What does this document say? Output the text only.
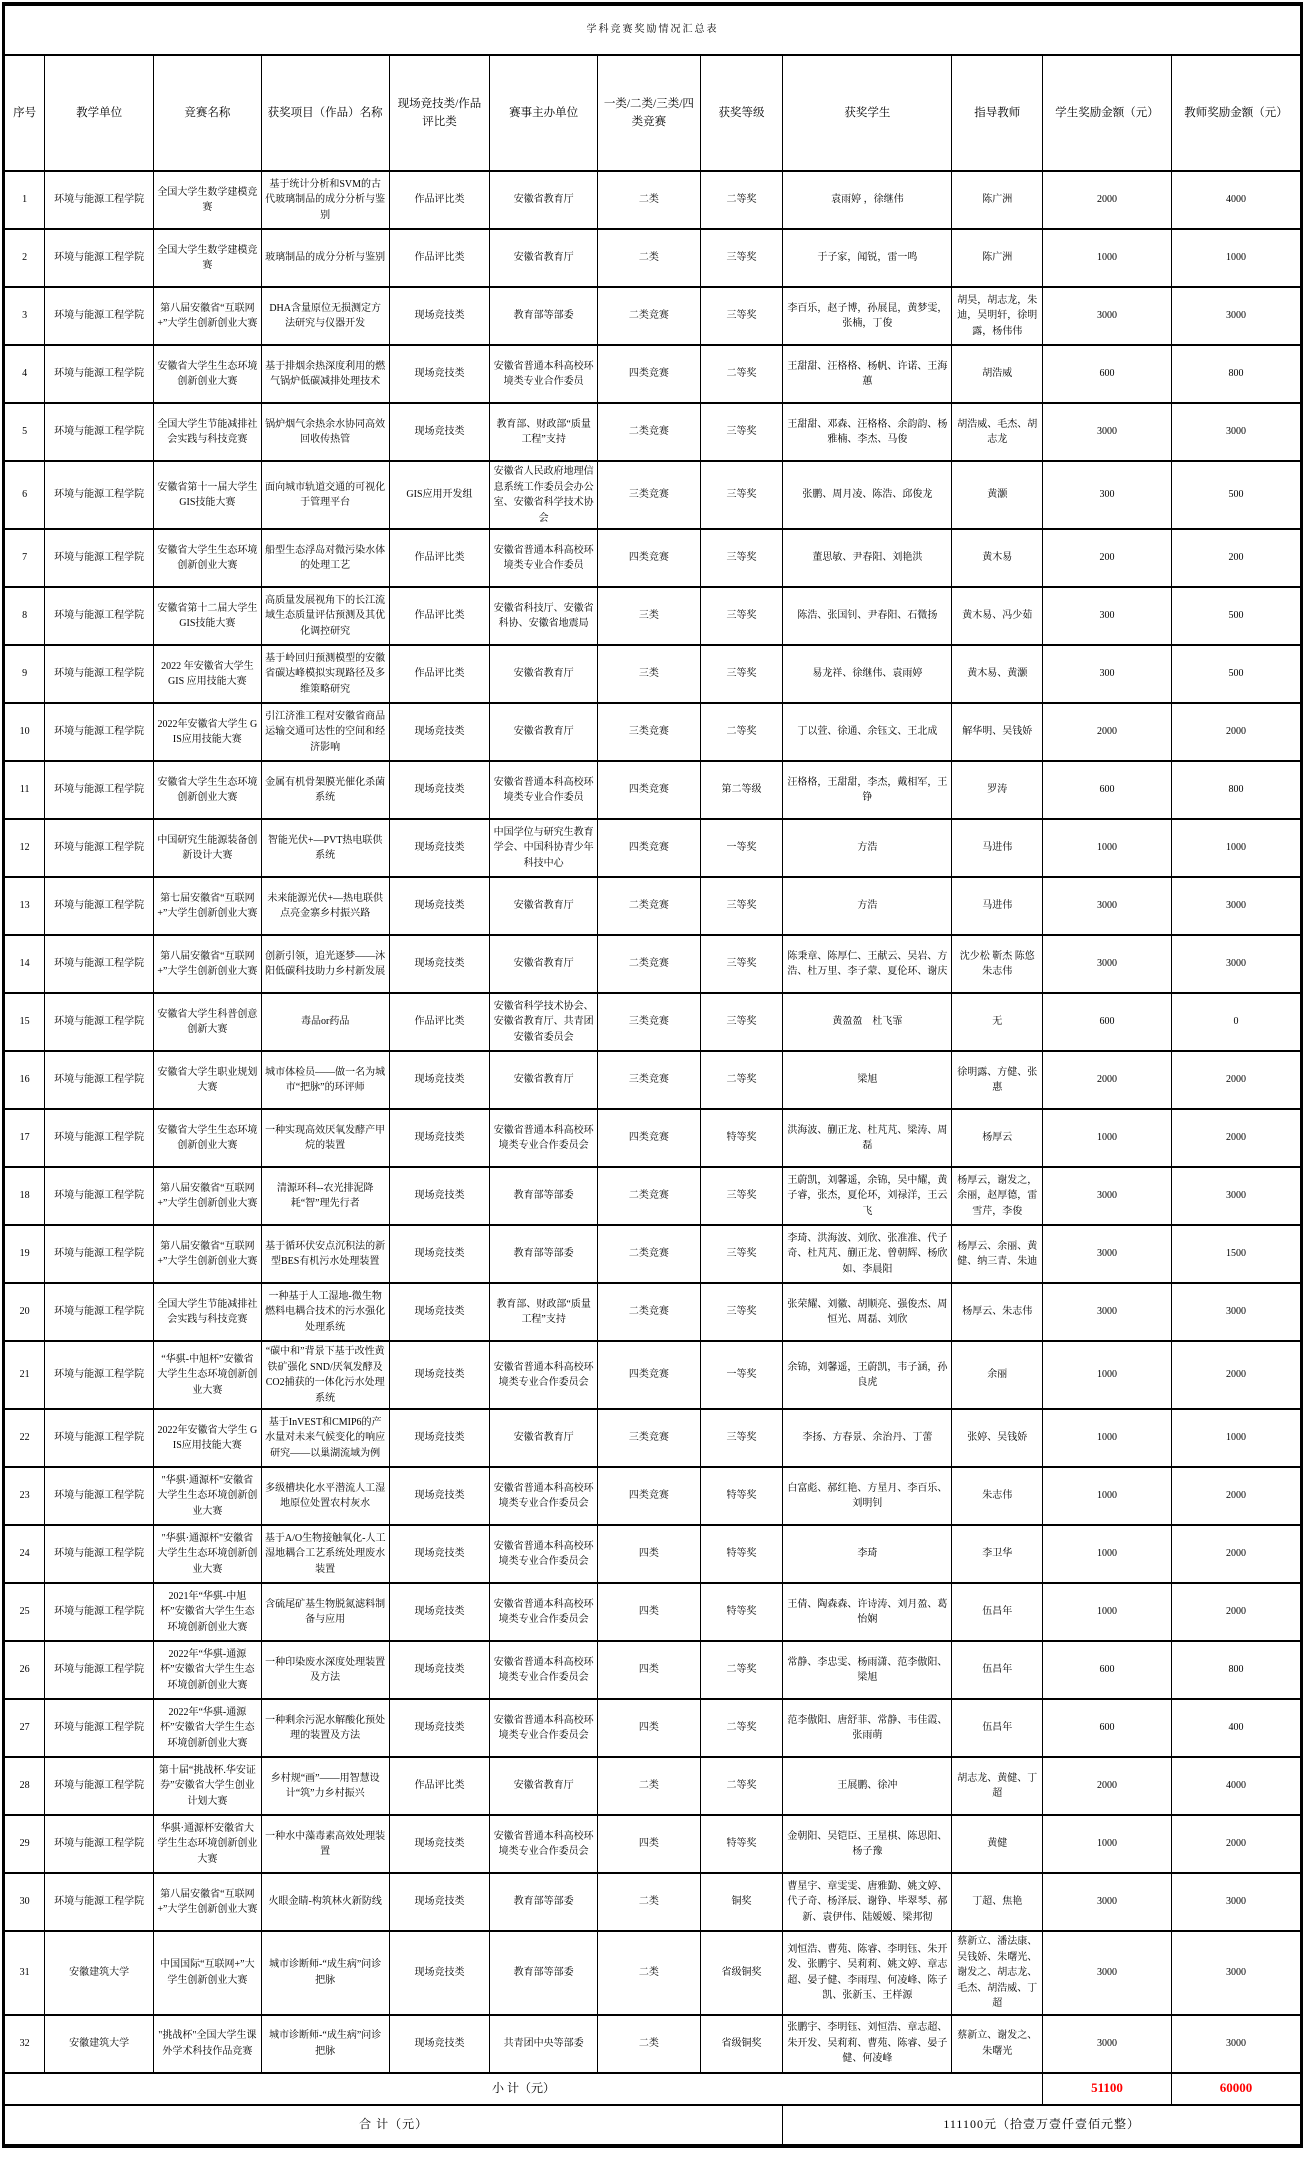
学科竞赛奖励情况汇总表											
序号	教学单位	竞赛名称	获奖项目（作品）名称	现场竞技类/作品评比类	赛事主办单位	一类/二类/三类/四类竞赛	获奖等级	获奖学生	指导教师	学生奖励金额（元）	教师奖励金额（元）
1	环境与能源工程学院	全国大学生数学建模竞赛	基于统计分析和SVM的古代玻璃制品的成分分析与鉴别	作品评比类	安徽省教育厅	二类	二等奖	袁雨婷 ，徐继伟	陈广洲	2000	4000
2	环境与能源工程学院	全国大学生数学建模竞赛	玻璃制品的成分分析与鉴别	作品评比类	安徽省教育厅	二类	三等奖	于子家，闻锐，雷一鸣	陈广洲	1000	1000
3	环境与能源工程学院	第八届安徽省“互联网+”大学生创新创业大赛	DHA含量原位无损测定方法研究与仪器开发	现场竞技类	教育部等部委	二类竞赛	三等奖	李百乐，赵子博，孙展昆，黄梦雯，张楠，丁俊	胡昊，胡志龙，朱迪，吴明轩，徐明露，杨伟伟	3000	3000
4	环境与能源工程学院	安徽省大学生生态环境创新创业大赛	基于排烟余热深度利用的燃气锅炉低碳减排处理技术	现场竞技类	安徽省普通本科高校环境类专业合作委员	四类竞赛	二等奖	王甜甜、汪格格、杨帆、许诺、王海蕙	胡浩威	600	800
5	环境与能源工程学院	全国大学生节能减排社会实践与科技竞赛	锅炉烟气余热余水协同高效回收传热管	现场竞技类	教育部、财政部“质量工程”支持	二类竞赛	三等奖	王甜甜、邓森、汪格格、余韵韵、杨雅楠、李杰、马俊	胡浩威、毛杰、胡志龙	3000	3000
6	环境与能源工程学院	安徽省第十一届大学生GIS技能大赛	面向城市轨道交通的可视化于管理平台	GIS应用开发组	安徽省人民政府地理信息系统工作委员会办公室、安徽省科学技术协会	三类竞赛	三等奖	张鹏、周月凌、陈浩、邱俊龙	黄灏	300	500
7	环境与能源工程学院	安徽省大学生生态环境创新创业大赛	船型生态浮岛对微污染水体的处理工艺	作品评比类	安徽省普通本科高校环境类专业合作委员	四类竞赛	三等奖	董思敏、尹春阳、刘艳洪	黄木易	200	200
8	环境与能源工程学院	安徽省第十二届大学生GIS技能大赛	高质量发展视角下的长江流域生态质量评估预测及其优化调控研究	作品评比类	安徽省科技厅、安徽省科协、安徽省地震局	三类	三等奖	陈浩、张国钊、尹春阳、石微扬	黄木易、冯少茹	300	500
9	环境与能源工程学院	2022 年安徽省大学生 GIS 应用技能大赛	基于岭回归预测模型的安徽省碳达峰模拟实现路径及多维策略研究	作品评比类	安徽省教育厅	三类	三等奖	易龙祥、徐继伟、袁雨婷	黄木易、黄灏	300	500
10	环境与能源工程学院	2022年安徽省大学生 GIS应用技能大赛	引江济淮工程对安徽省商品运输交通可达性的空间和经济影响	现场竞技类	安徽省教育厅	三类竞赛	二等奖	丁以萱、徐通、余钰文、王北成	解华明、吴钱娇	2000	2000
11	环境与能源工程学院	安徽省大学生生态环境创新创业大赛	金属有机骨架膜光催化杀菌系统	现场竞技类	安徽省普通本科高校环境类专业合作委员	四类竞赛	第二等级	汪格格，王甜甜，李杰，戴相军，王铮	罗涛	600	800
12	环境与能源工程学院	中国研究生能源装备创新设计大赛	智能光伏+—PVT热电联供系统	现场竞技类	中国学位与研究生教育学会、中国科协青少年科技中心	四类竞赛	一等奖	方浩	马进伟	1000	1000
13	环境与能源工程学院	第七届安徽省“互联网+”大学生创新创业大赛	未来能源光伏+—热电联供点亮金寨乡村振兴路	现场竞技类	安徽省教育厅	二类竞赛	三等奖	方浩	马进伟	3000	3000
14	环境与能源工程学院	第八届安徽省“互联网+”大学生创新创业大赛	创新引领，追光逐梦——沐阳低碳科技助力乡村新发展	现场竞技类	安徽省教育厅	二类竞赛	三等奖	陈秉章、陈厚仁、王献云、吴岩、方浩、杜万里、李子蒙、夏伦环、谢庆	沈少松 靳杰 陈悠 朱志伟	3000	3000
15	环境与能源工程学院	安徽省大学生科普创意创新大赛	毒品or药品	作品评比类	安徽省科学技术协会、安徽省教育厅、共青团安徽省委员会	三类竞赛	三等奖	黄盈盈　杜飞霏	无	600	0
16	环境与能源工程学院	安徽省大学生职业规划大赛	城市体检员——做一名为城市“把脉”的环评师	现场竞技类	安徽省教育厅	三类竞赛	二等奖	梁旭	徐明露、方健、张惠	2000	2000
17	环境与能源工程学院	安徽省大学生生态环境创新创业大赛	一种实现高效厌氧发酵产甲烷的装置	现场竞技类	安徽省普通本科高校环境类专业合作委员会	四类竞赛	特等奖	洪海波、蒯正龙、杜芃芃、梁涛、周磊	杨厚云	1000	2000
18	环境与能源工程学院	第八届安徽省“互联网+”大学生创新创业大赛	清源环科--农光排泥降耗“智”理先行者	现场竞技类	教育部等部委	二类竞赛	三等奖	王蔚凯，刘馨遥，余锦，吴中耀，黄子睿，张杰，夏伦环，刘禄洋，王云飞	杨厚云，谢发之，余丽，赵厚德，雷雪芹，李俊	3000	3000
19	环境与能源工程学院	第八届安徽省“互联网+”大学生创新创业大赛	基于循环伏安点沉积法的新型BES有机污水处理装置	现场竞技类	教育部等部委	二类竞赛	三等奖	李琦、洪海波、刘欣、张准准、代子奇、杜芃芃、蒯正龙、曾朝辉、杨欣如、李晨阳	杨厚云、余丽、黄健、纳三青、朱迪	3000	1500
20	环境与能源工程学院	全国大学生节能减排社会实践与科技竞赛	一种基于人工湿地-微生物燃料电耦合技术的污水强化处理系统	现场竞技类	教育部、财政部“质量工程”支持	二类竞赛	三等奖	张荣耀、刘徽、胡顺亮、强俊杰、周恒光、周磊、刘欣	杨厚云、朱志伟	3000	3000
21	环境与能源工程学院	“华骐-中旭杯”安徽省大学生生态环境创新创业大赛	“碳中和”背景下基于改性黄铁矿强化 SND/厌氧发酵及CO2捕获的一体化污水处理系统	现场竞技类	安徽省普通本科高校环境类专业合作委员会	四类竞赛	一等奖	余锦，刘馨遥，王蔚凯，韦子涵，孙良虎	余丽	1000	2000
22	环境与能源工程学院	2022年安徽省大学生 GIS应用技能大赛	基于InVEST和CMIP6的产水量对未来气候变化的响应研究——以巢湖流域为例	现场竞技类	安徽省教育厅	三类竞赛	三等奖	李扬、方春景、余治丹、丁蕾	张婷、吴钱娇	1000	1000
23	环境与能源工程学院	"华骐·通源杯"安徽省大学生生态环境创新创业大赛	多级槽块化水平潜流人工湿地原位处置农村灰水	现场竞技类	安徽省普通本科高校环境类专业合作委员会	四类竞赛	特等奖	白富彪、郝红艳、方星月、李百乐、刘明钊	朱志伟	1000	2000
24	环境与能源工程学院	"华骐·通源杯"安徽省大学生生态环境创新创业大赛	基于A/O生物接触氧化-人工湿地耦合工艺系统处理废水装置	现场竞技类	安徽省普通本科高校环境类专业合作委员会	四类	特等奖	李琦	李卫华	1000	2000
25	环境与能源工程学院	2021年“华骐-中旭杯”安徽省大学生生态环境创新创业大赛	含硫尾矿基生物脱氮滤料制备与应用	现场竞技类	安徽省普通本科高校环境类专业合作委员会	四类	特等奖	王倩、陶森森、许诗涛、刘月盈、葛怡娴	伍昌年	1000	2000
26	环境与能源工程学院	2022年“华骐-通源杯”安徽省大学生生态环境创新创业大赛	一种印染废水深度处理装置及方法	现场竞技类	安徽省普通本科高校环境类专业合作委员会	四类	二等奖	常静、李忠雯、杨雨潇、范李傲阳、梁旭	伍昌年	600	800
27	环境与能源工程学院	2022年“华骐-通源杯”安徽省大学生生态环境创新创业大赛	一种剩余污泥水解酸化预处理的装置及方法	现场竞技类	安徽省普通本科高校环境类专业合作委员会	四类	二等奖	范李傲阳、唐舒菲、常静、韦佳霞、张雨萌	伍昌年	600	400
28	环境与能源工程学院	第十届“挑战杯.华安证券”安徽省大学生创业计划大赛	乡村规“画”——用智慧设计“筑”力乡村振兴	作品评比类	安徽省教育厅	二类	二等奖	王展鹏、徐冲	胡志龙、黄健、丁超	2000	4000
29	环境与能源工程学院	华骐·通源杯安徽省大学生生态环境创新创业大赛	一种水中藻毒素高效处理装置	现场竞技类	安徽省普通本科高校环境类专业合作委员会	四类	特等奖	金朝阳、吴铠臣、王星棋、陈思阳、杨子豫	黄健	1000	2000
30	环境与能源工程学院	第八届安徽省“互联网+”大学生创新创业大赛	火眼金睛-构筑林火新防线	现场竞技类	教育部等部委	二类	铜奖	曹星宇、章雯雯、唐雅勤、姚文婷、代子奇、杨泽辰、谢铮、毕翠琴、郝新、袁伊伟、陆嫒嫒、梁邦彻	丁超、焦艳	3000	3000
31	安徽建筑大学	中国国际“互联网+”大学生创新创业大赛	城市诊断师-“成生病”问诊把脉	现场竞技类	教育部等部委	二类	省级铜奖	刘恒浩、曹苑、陈睿、李明钰、朱开发、张鹏宇、吴莉莉、姚文婷、章志超、晏子健、李雨珵、何凌峰、陈子凯、张新玉、王样源	蔡新立、潘法康、吴钱娇、朱曙光、谢发之、胡志龙、毛杰、胡浩威、丁超	3000	3000
32	安徽建筑大学	"挑战杯"全国大学生课外学术科技作品竞赛	城市诊断师-“成生病”问诊把脉	现场竞技类	共青团中央等部委	二类	省级铜奖	张鹏宇、李明钰、刘恒浩、章志超、朱开发、吴莉莉、曹苑、陈睿、晏子健、何凌峰	蔡新立、谢发之、朱曙光	3000	3000
小 计（元）										51100	60000
合 计（元）								111100元（拾壹万壹仟壹佰元整）			
